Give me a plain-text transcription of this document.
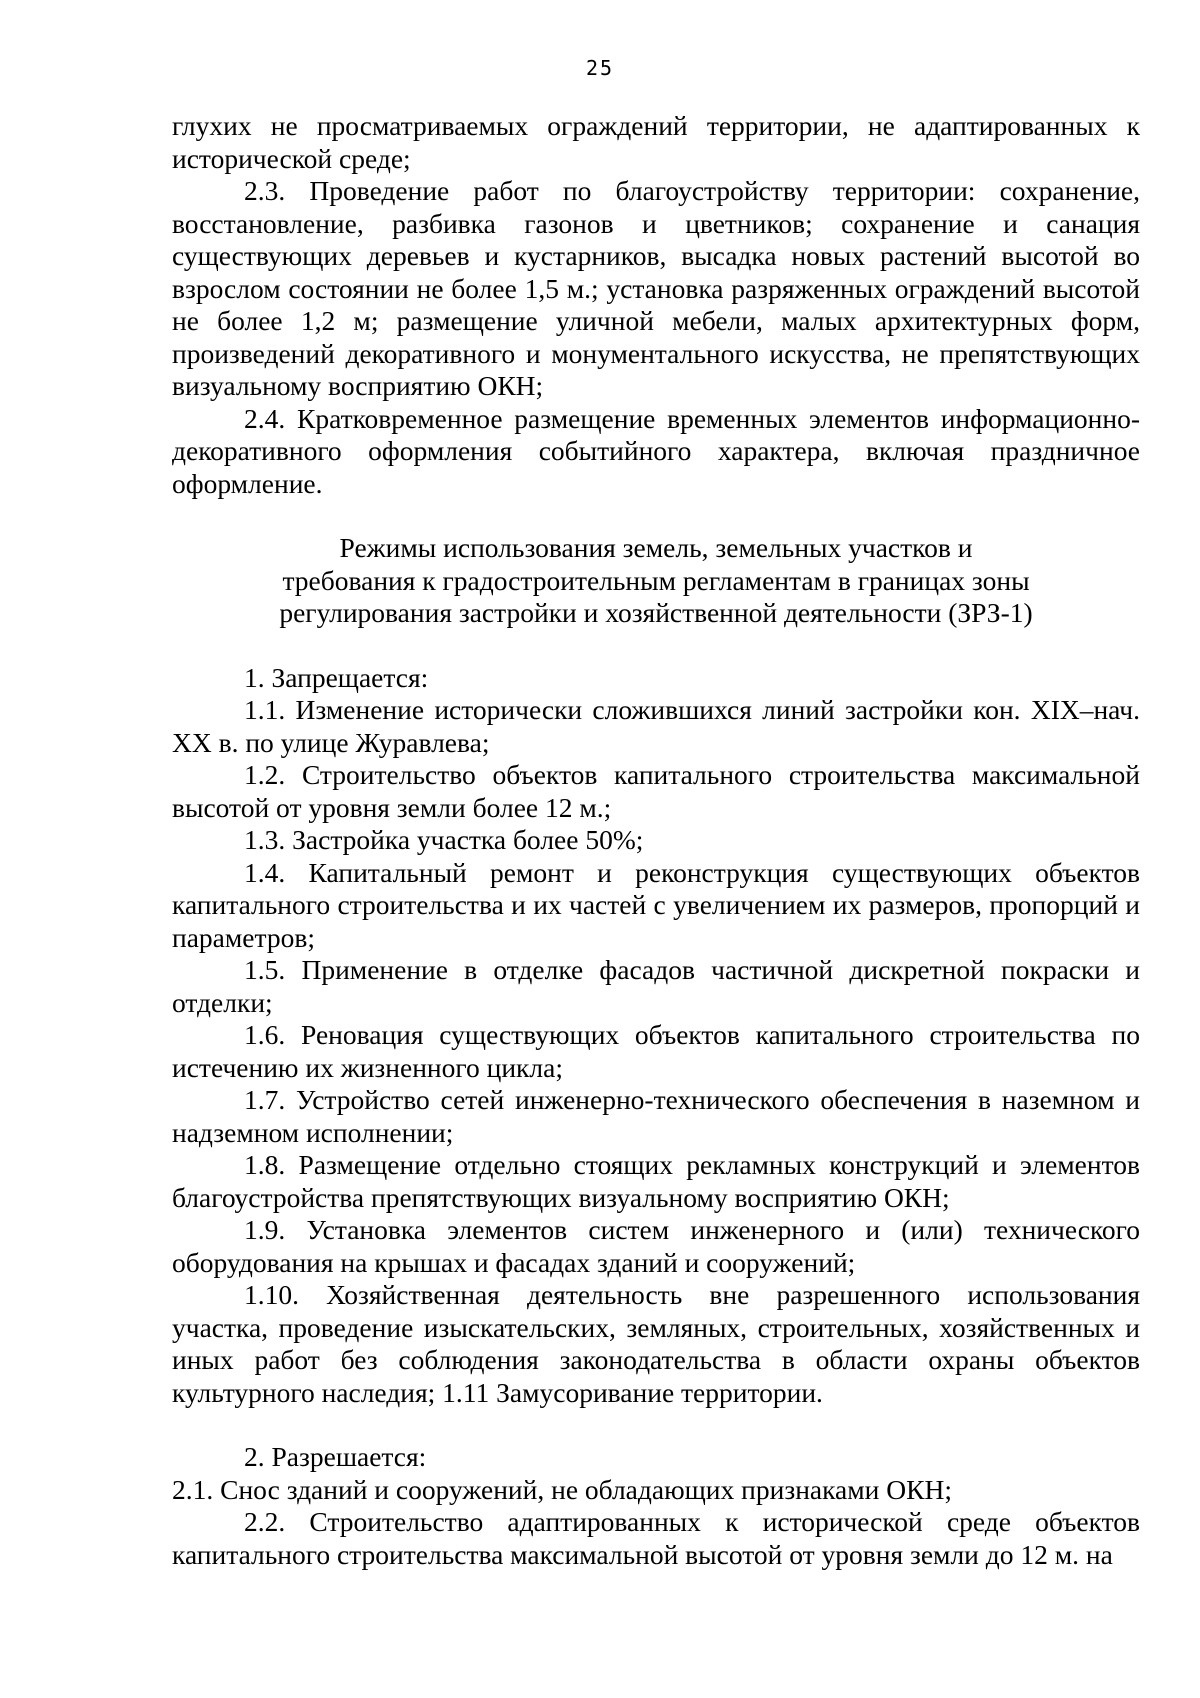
25

глухих не просматриваемых ограждений территории, не адаптированных к исторической среде;

2.3. Проведение работ по благоустройству территории: сохранение, восстановление, разбивка газонов и цветников; сохранение и санация существующих деревьев и кустарников, высадка новых растений высотой во взрослом состоянии не более 1,5 м.; установка разряженных ограждений высотой не более 1,2 м; размещение уличной мебели, малых архитектурных форм, произведений декоративного и монументального искусства, не препятствующих визуальному восприятию ОКН;

2.4. Кратковременное размещение временных элементов информационно-декоративного оформления событийного характера, включая праздничное оформление.

Режимы использования земель, земельных участков и
требования к градостроительным регламентам в границах зоны
регулирования застройки и хозяйственной деятельности (ЗРЗ-1)

1. Запрещается:

1.1. Изменение исторически сложившихся линий застройки кон. XIX–нач. XX в. по улице Журавлева;

1.2. Строительство объектов капитального строительства максимальной высотой от уровня земли более 12 м.;

1.3. Застройка участка более 50%;

1.4. Капитальный ремонт и реконструкция существующих объектов капитального строительства и их частей с увеличением их размеров, пропорций и параметров;

1.5. Применение в отделке фасадов частичной дискретной покраски и отделки;

1.6. Реновация существующих объектов капитального строительства по истечению их жизненного цикла;

1.7. Устройство сетей инженерно-технического обеспечения в наземном и надземном исполнении;

1.8. Размещение отдельно стоящих рекламных конструкций и элементов благоустройства препятствующих визуальному восприятию ОКН;

1.9. Установка элементов систем инженерного и (или) технического оборудования на крышах и фасадах зданий и сооружений;

1.10. Хозяйственная деятельность вне разрешенного использования участка, проведение изыскательских, земляных, строительных, хозяйственных и иных работ без соблюдения законодательства в области охраны объектов культурного наследия; 1.11 Замусоривание территории.

2. Разрешается:

2.1. Снос зданий и сооружений, не обладающих признаками ОКН;

2.2. Строительство адаптированных к исторической среде объектов капитального строительства максимальной высотой от уровня земли до 12 м. на
